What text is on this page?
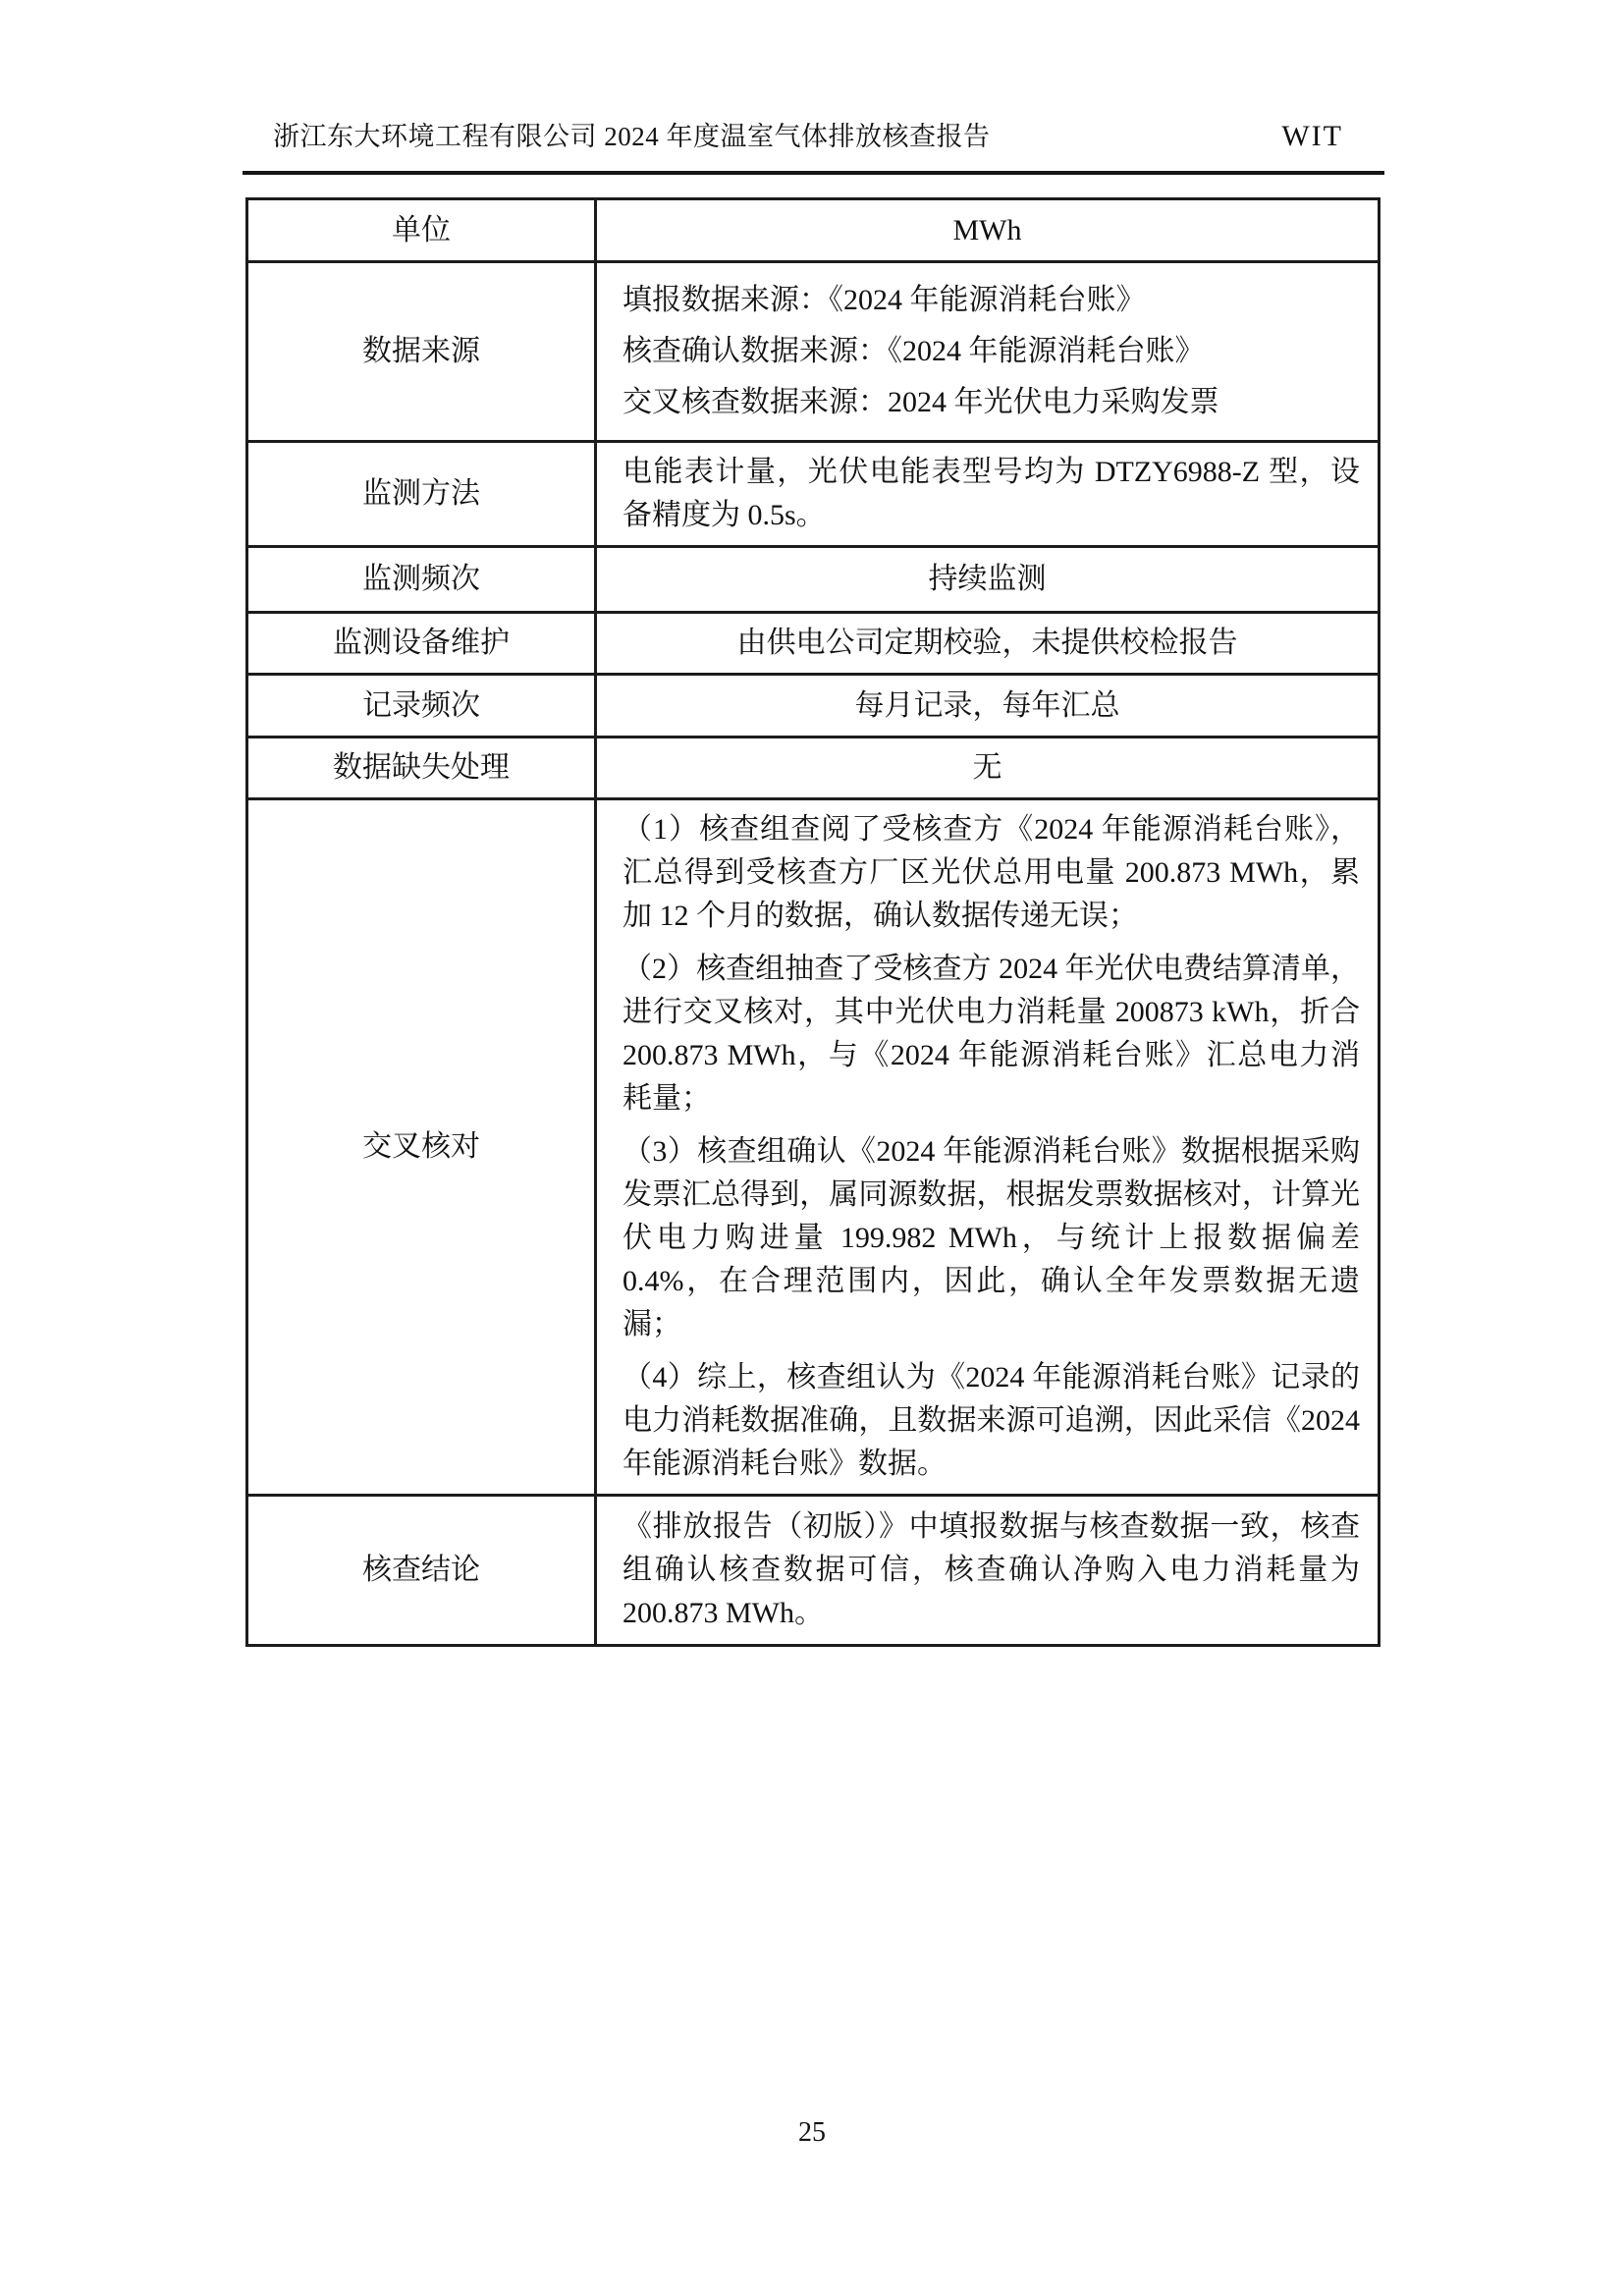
浙江东大环境工程有限公司 2024 年度温室气体排放核查报告	WIT
单位	MWh
数据来源	填报数据来源：《2024 年能源消耗台账》

核查确认数据来源：《2024 年能源消耗台账》

交叉核查数据来源：2024 年光伏电力采购发票

监测方法	电能表计量，光伏电能表型号均为 DTZY6988-Z 型，设备精度为 0.5s。
监测频次	持续监测
监测设备维护	由供电公司定期校验，未提供校检报告
记录频次	每月记录，每年汇总
数据缺失处理	无
交叉核对	（1）核查组查阅了受核查方《2024 年能源消耗台账》，汇总得到受核查方厂区光伏总用电量 200.873 MWh，累加 12 个月的数据，确认数据传递无误；

（2）核查组抽查了受核查方 2024 年光伏电费结算清单，进行交叉核对，其中光伏电力消耗量 200873 kWh，折合 200.873 MWh，与《2024 年能源消耗台账》汇总电力消耗量；

（3）核查组确认《2024 年能源消耗台账》数据根据采购发票汇总得到，属同源数据，根据发票数据核对，计算光伏电力购进量 199.982 MWh，与统计上报数据偏差 0.4%，在合理范围内，因此，确认全年发票数据无遗漏；

（4）综上，核查组认为《2024 年能源消耗台账》记录的电力消耗数据准确，且数据来源可追溯，因此采信《2024 年能源消耗台账》数据。

核查结论	《排放报告（初版）》中填报数据与核查数据一致，核查组确认核查数据可信，核查确认净购入电力消耗量为 200.873 MWh。
25
